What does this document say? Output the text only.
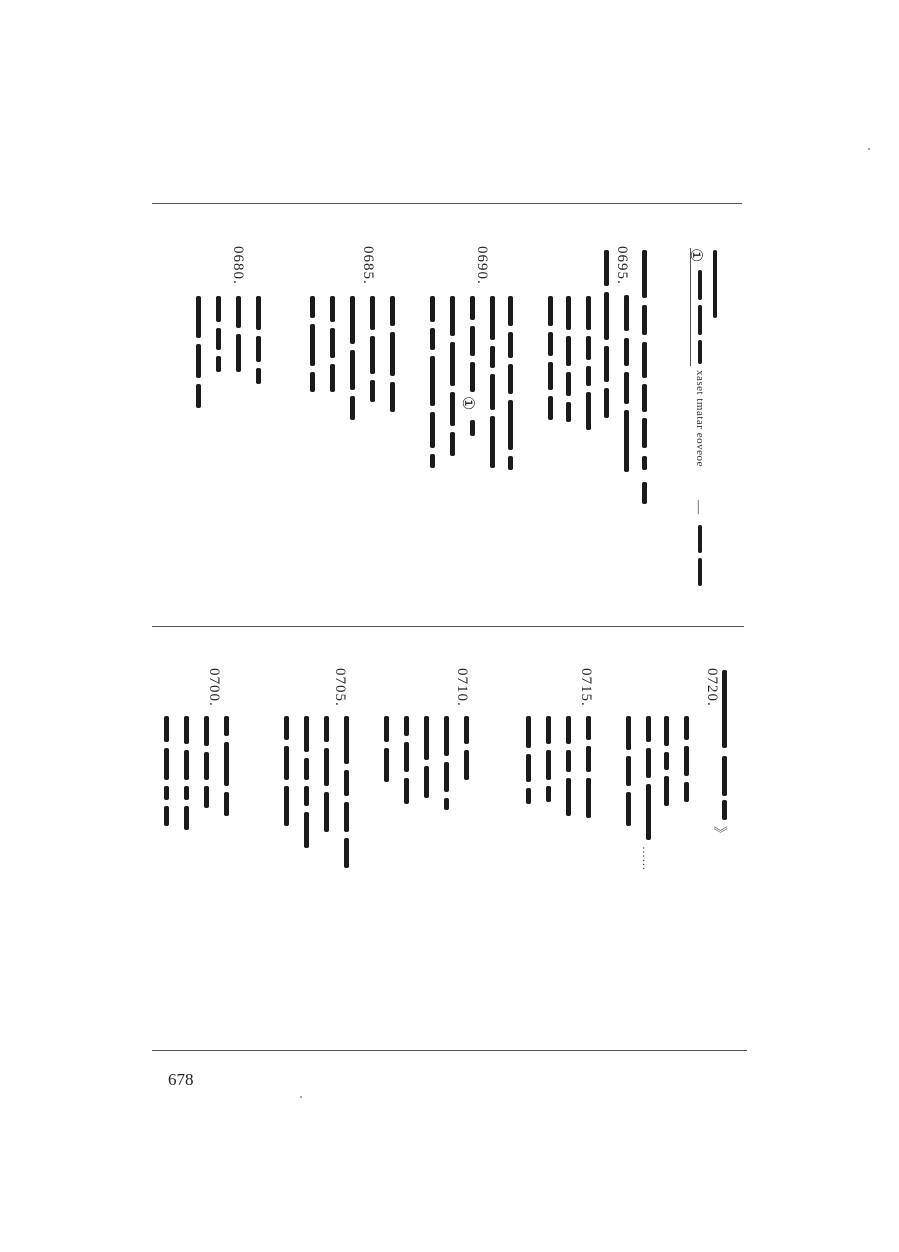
①
xaset tmatar eoveoe
—
0695.
0690.
①
0685.
0680.
0720.
》
……
0715.
0710.
0705.
0700.
678
